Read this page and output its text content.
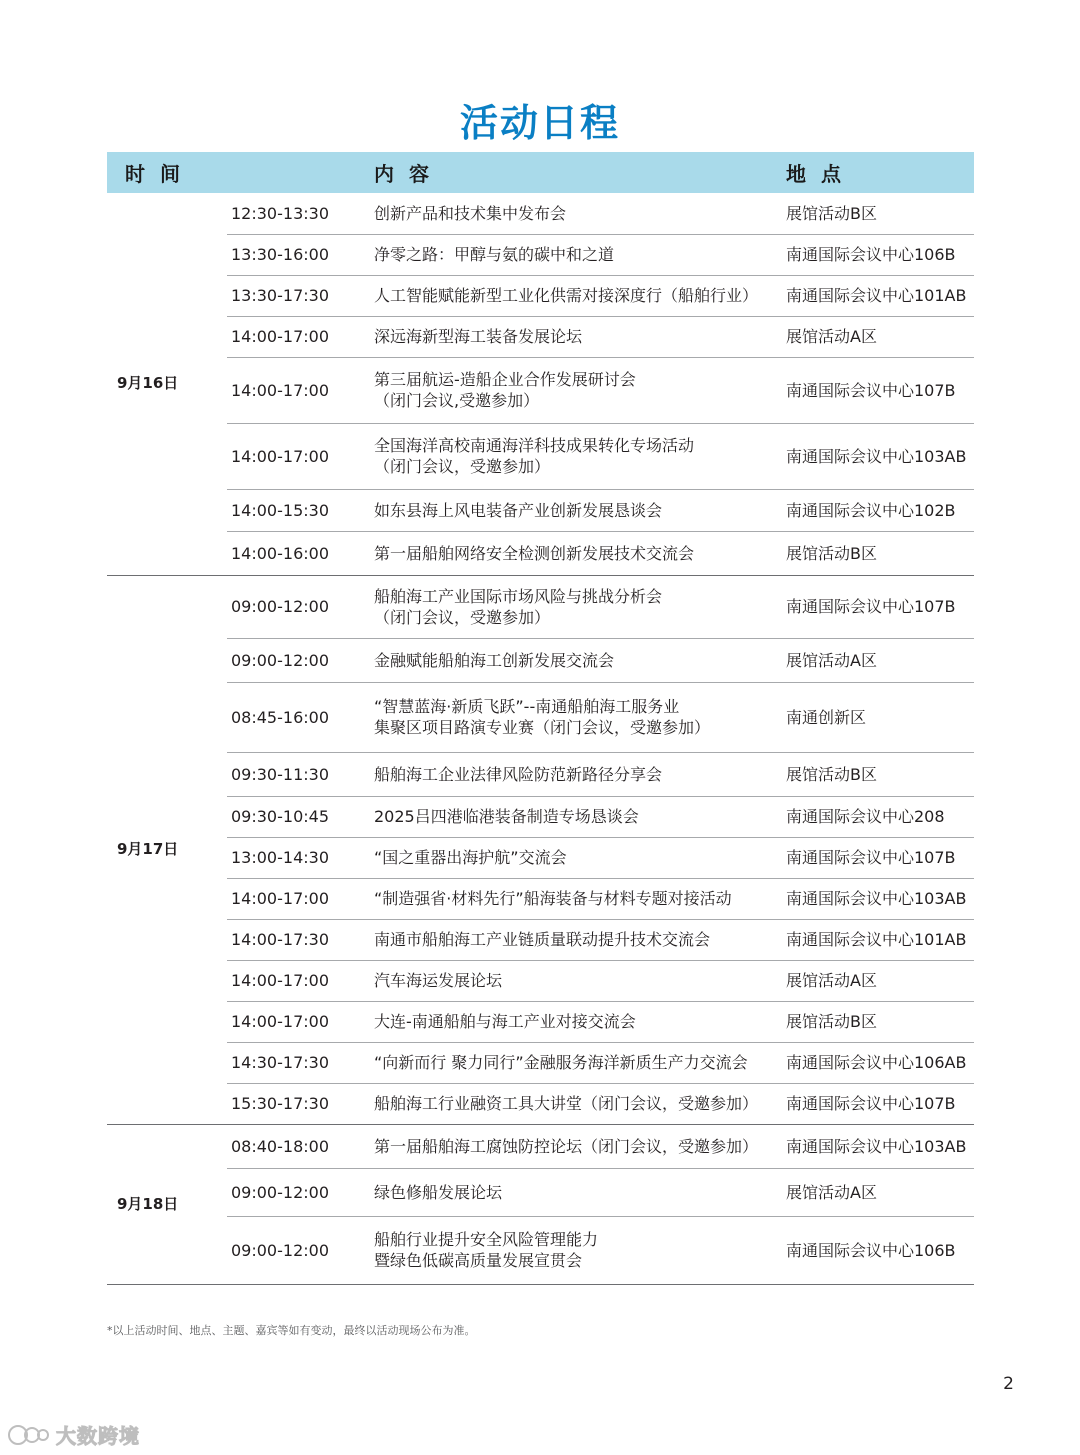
活动日程
时 间		内 容	地 点
9月16日	12:30-13:30	创新产品和技术集中发布会	展馆活动B区
	13:30-16:00	净零之路：甲醇与氨的碳中和之道	南通国际会议中心106B
	13:30-17:30	人工智能赋能新型工业化供需对接深度行（船舶行业）	南通国际会议中心101AB
	14:00-17:00	深远海新型海工装备发展论坛	展馆活动A区
	14:00-17:00	第三届航运-造船企业合作发展研讨会
（闭门会议,受邀参加）	南通国际会议中心107B
	14:00-17:00	全国海洋高校南通海洋科技成果转化专场活动
（闭门会议，受邀参加）	南通国际会议中心103AB
	14:00-15:30	如东县海上风电装备产业创新发展恳谈会	南通国际会议中心102B
	14:00-16:00	第一届船舶网络安全检测创新发展技术交流会	展馆活动B区
9月17日	09:00-12:00	船舶海工产业国际市场风险与挑战分析会
（闭门会议，受邀参加）	南通国际会议中心107B
	09:00-12:00	金融赋能船舶海工创新发展交流会	展馆活动A区
	08:45-16:00	“智慧蓝海·新质飞跃”--南通船舶海工服务业
集聚区项目路演专业赛（闭门会议，受邀参加）	南通创新区
	09:30-11:30	船舶海工企业法律风险防范新路径分享会	展馆活动B区
	09:30-10:45	2025吕四港临港装备制造专场恳谈会	南通国际会议中心208
	13:00-14:30	“国之重器出海护航”交流会	南通国际会议中心107B
	14:00-17:00	“制造强省·材料先行”船海装备与材料专题对接活动	南通国际会议中心103AB
	14:00-17:30	南通市船舶海工产业链质量联动提升技术交流会	南通国际会议中心101AB
	14:00-17:00	汽车海运发展论坛	展馆活动A区
	14:00-17:00	大连-南通船舶与海工产业对接交流会	展馆活动B区
	14:30-17:30	“向新而行 聚力同行”金融服务海洋新质生产力交流会	南通国际会议中心106AB
	15:30-17:30	船舶海工行业融资工具大讲堂（闭门会议，受邀参加）	南通国际会议中心107B
9月18日	08:40-18:00	第一届船舶海工腐蚀防控论坛（闭门会议，受邀参加）	南通国际会议中心103AB
	09:00-12:00	绿色修船发展论坛	展馆活动A区
	09:00-12:00	船舶行业提升安全风险管理能力
暨绿色低碳高质量发展宣贯会	南通国际会议中心106B
*以上活动时间、地点、主题、嘉宾等如有变动，最终以活动现场公布为准。
2
大数跨境
